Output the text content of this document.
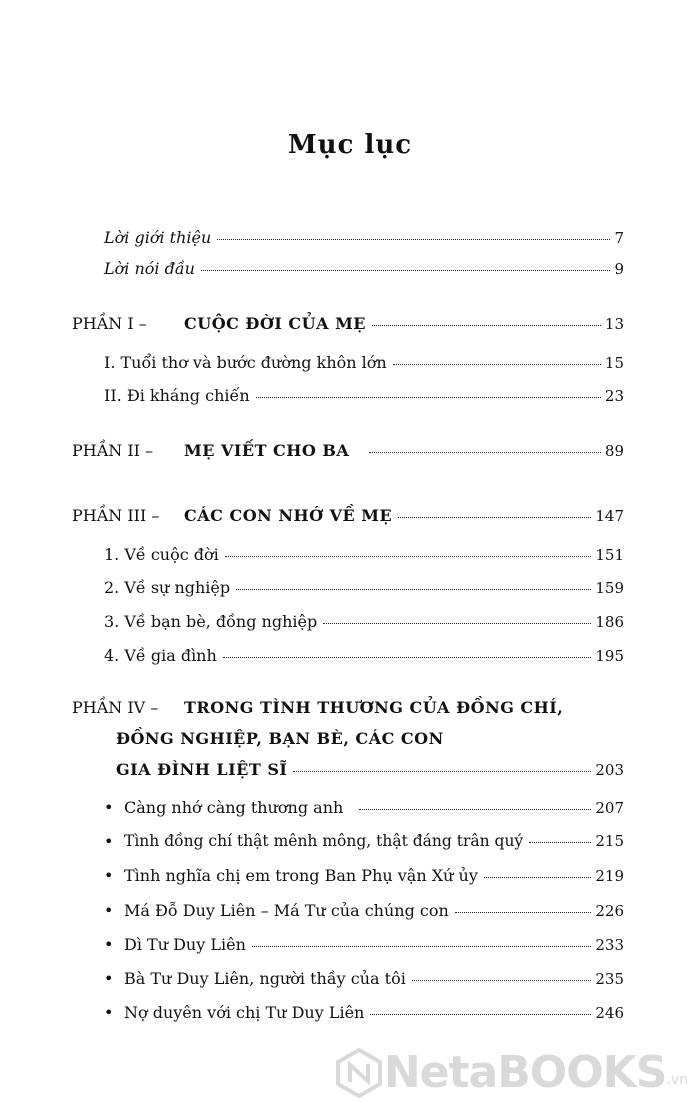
Mục lục
Lời giới thiệu	7
Lời nói đầu	9
PHẦN I – CUỘC ĐỜI CỦA MẸ	13
I. Tuổi thơ và bước đường khôn lớn	15
II. Đi kháng chiến	23
PHẦN II – MẸ VIẾT CHO BA	89
PHẦN III – CÁC CON NHỚ VỀ MẸ	147
1. Về cuộc đời	151
2. Về sự nghiệp	159
3. Về bạn bè, đồng nghiệp	186
4. Về gia đình	195
PHẦN IV – TRONG TÌNH THƯƠNG CỦA ĐỒNG CHÍ,
ĐỒNG NGHIỆP, BẠN BÈ, CÁC CON
GIA ĐÌNH LIỆT SĨ	203
• Càng nhớ càng thương anh	207
• Tình đồng chí thật mênh mông, thật đáng trân quý	215
• Tình nghĩa chị em trong Ban Phụ vận Xứ ủy	219
• Má Đỗ Duy Liên – Má Tư của chúng con	226
• Dì Tư Duy Liên	233
• Bà Tư Duy Liên, người thầy của tôi	235
• Nợ duyên với chị Tư Duy Liên	246
NetaBOOKS .vn
